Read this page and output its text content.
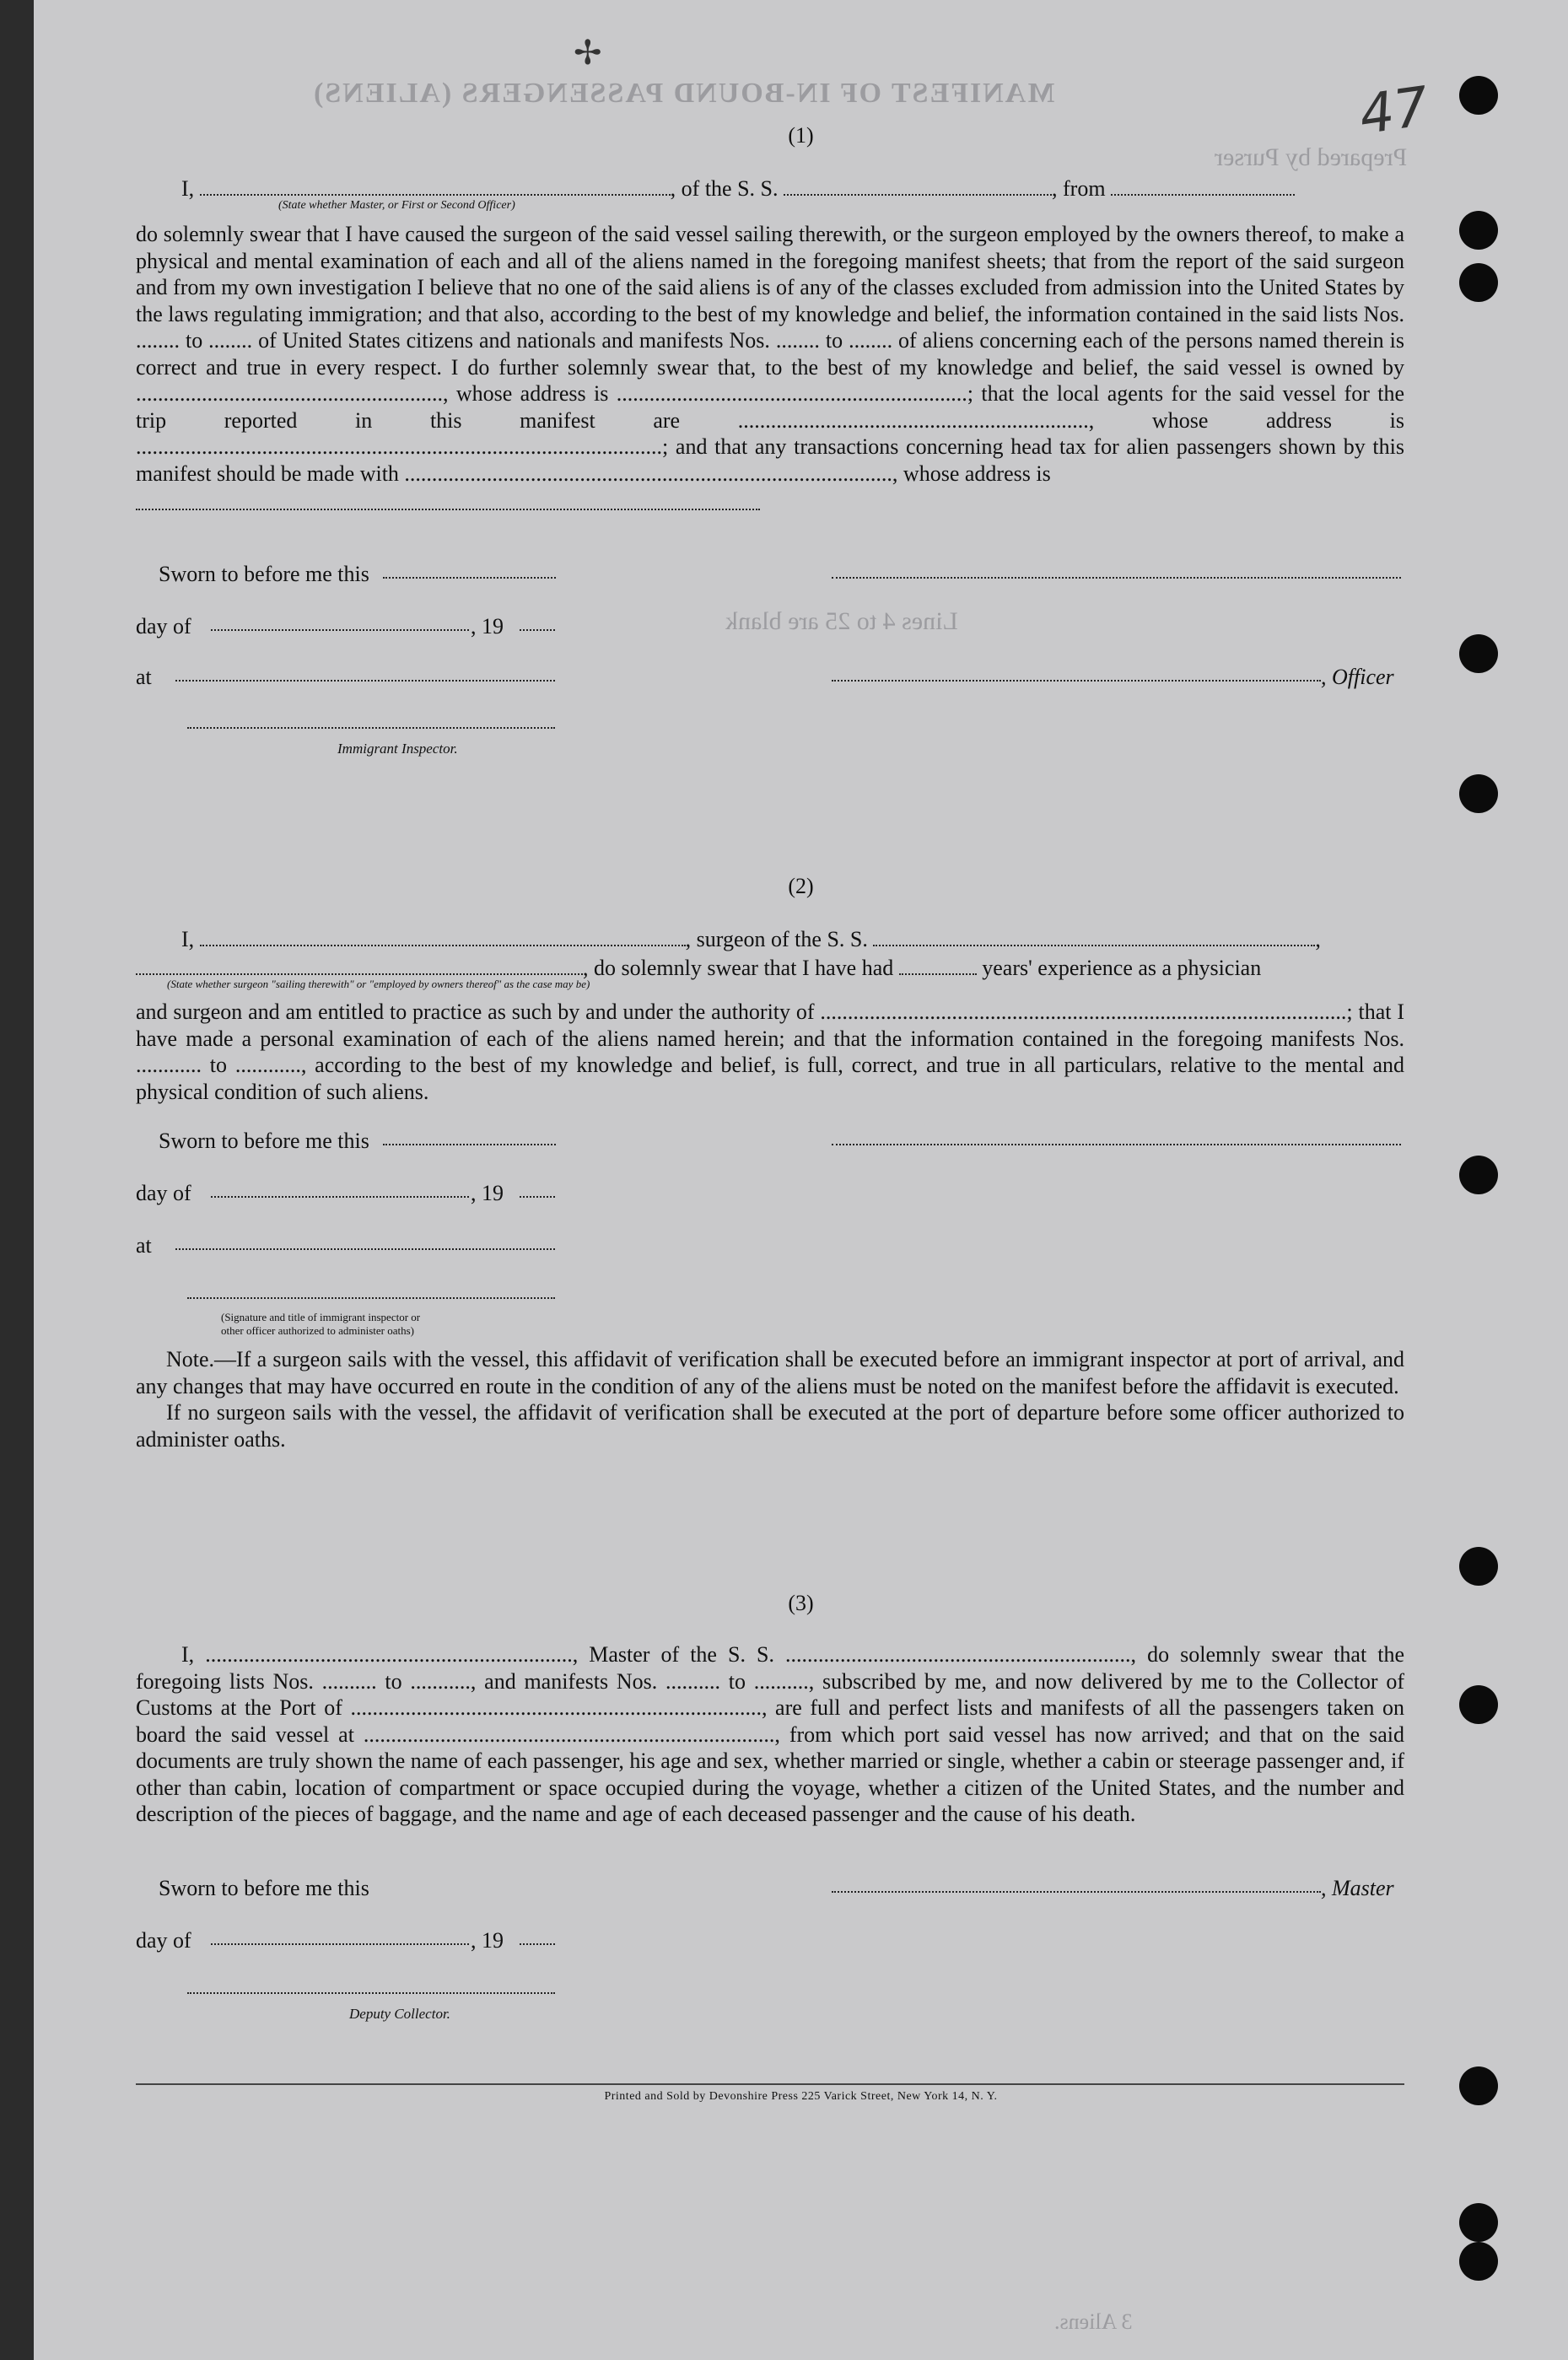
MANIFEST OF IN-BOUND PASSENGERS (ALIENS)
Prepared by Purser
Lines 4 to 25 are blank
3 Aliens.
47
✢
(1)
I,	, of the S. S.	, from
(State whether Master, or First or Second Officer)

do solemnly swear that I have caused the surgeon of the said vessel sailing therewith, or the surgeon employed by the owners thereof, to make a physical and mental examination of each and all of the aliens named in the foregoing manifest sheets; that from the report of the said surgeon and from my own investigation I believe that no one of the said aliens is of any of the classes excluded from admission into the United States by the laws regulating immigration; and that also, according to the best of my knowledge and belief, the information contained in the said lists Nos. ........ to ........ of United States citizens and nationals and manifests Nos. ........ to ........ of aliens concerning each of the persons named therein is correct and true in every respect. I do further solemnly swear that, to the best of my knowledge and belief, the said vessel is owned by ........................................................, whose address is ................................................................; that the local agents for the said vessel for the trip reported in this manifest are ................................................................, whose address is ................................................................................................; and that any transactions concerning head tax for alien passengers shown by this manifest should be made with ........................................................................................., whose address is

Sworn to before me this
day of	, 19
at	, Officer
Immigrant Inspector.
(2)
I,	, surgeon of the S. S.	,
, do solemnly swear that I have had	years' experience as a physician
(State whether surgeon "sailing therewith" or "employed by owners thereof" as the case may be)

and surgeon and am entitled to practice as such by and under the authority of ................................................................................................; that I have made a personal examination of each of the aliens named herein; and that the information contained in the foregoing manifests Nos. ............ to ............, according to the best of my knowledge and belief, is full, correct, and true in all particulars, relative to the mental and physical condition of such aliens.

Sworn to before me this
day of	, 19
at
(Signature and title of immigrant inspector or
other officer authorized to administer oaths)

Note.—If a surgeon sails with the vessel, this affidavit of verification shall be executed before an immigrant inspector at port of arrival, and any changes that may have occurred en route in the condition of any of the aliens must be noted on the manifest before the affidavit is executed.

If no surgeon sails with the vessel, the affidavit of verification shall be executed at the port of departure before some officer authorized to administer oaths.

(3)

I, ..................................................................., Master of the S. S. ..............................................................., do solemnly swear that the foregoing lists Nos. .......... to ..........., and manifests Nos. .......... to .........., subscribed by me, and now delivered by me to the Collector of Customs at the Port of ..........................................................................., are full and perfect lists and manifests of all the passengers taken on board the said vessel at ..........................................................................., from which port said vessel has now arrived; and that on the said documents are truly shown the name of each passenger, his age and sex, whether married or single, whether a cabin or steerage passenger and, if other than cabin, location of compartment or space occupied during the voyage, whether a citizen of the United States, and the number and description of the pieces of baggage, and the name and age of each deceased passenger and the cause of his death.

Sworn to before me this	, Master
day of	, 19
Deputy Collector.
Printed and Sold by Devonshire Press 225 Varick Street, New York 14, N. Y.
